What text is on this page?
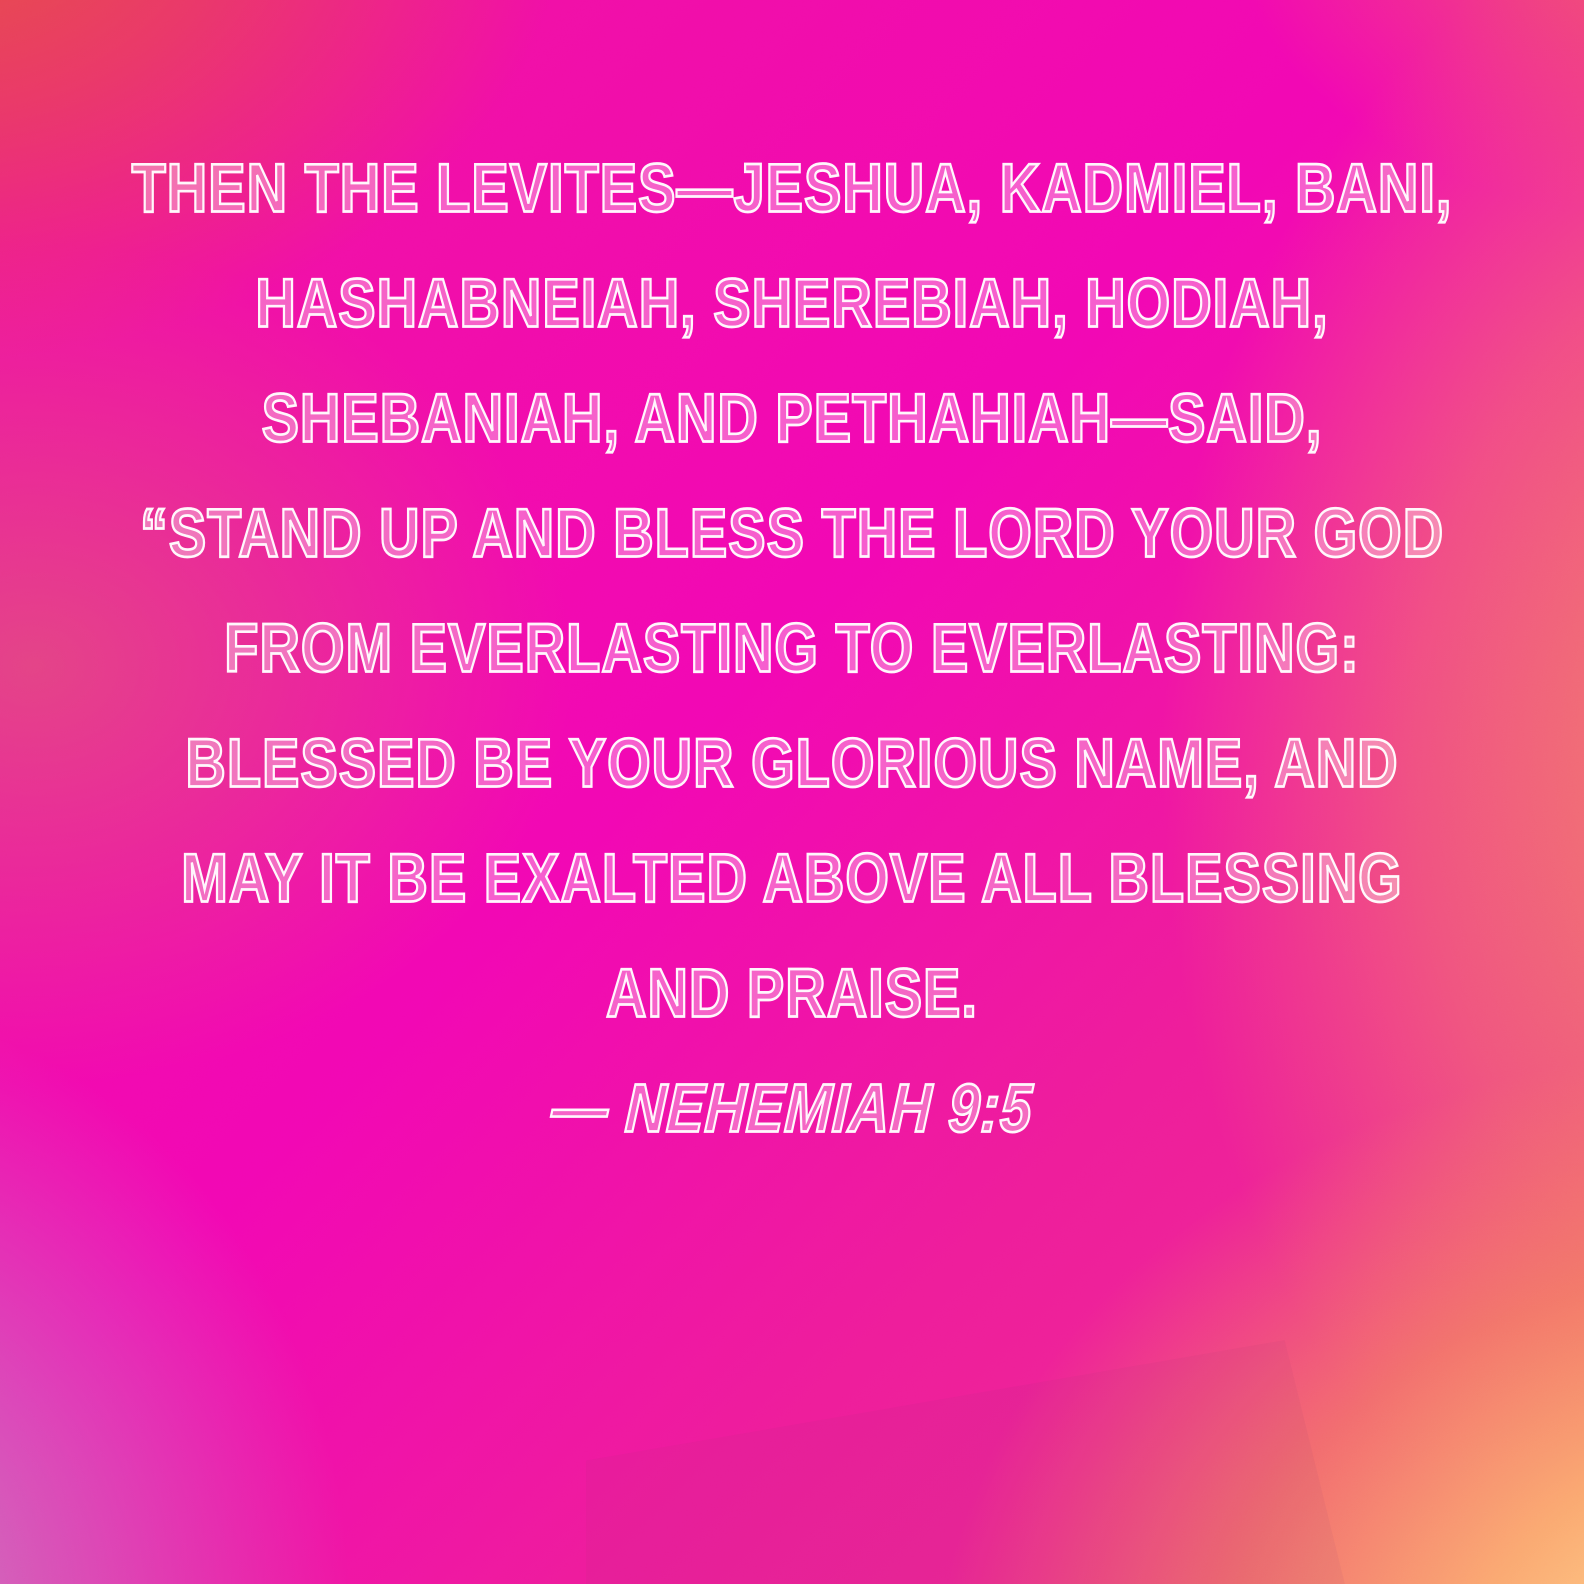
THEN THE LEVITES—JESHUA, KADMIEL, BANI,
HASHABNEIAH, SHEREBIAH, HODIAH,
SHEBANIAH, AND PETHAHIAH—SAID,
“STAND UP AND BLESS THE LORD YOUR GOD
FROM EVERLASTING TO EVERLASTING:
BLESSED BE YOUR GLORIOUS NAME, AND
MAY IT BE EXALTED ABOVE ALL BLESSING
AND PRAISE.
— NEHEMIAH 9:5
